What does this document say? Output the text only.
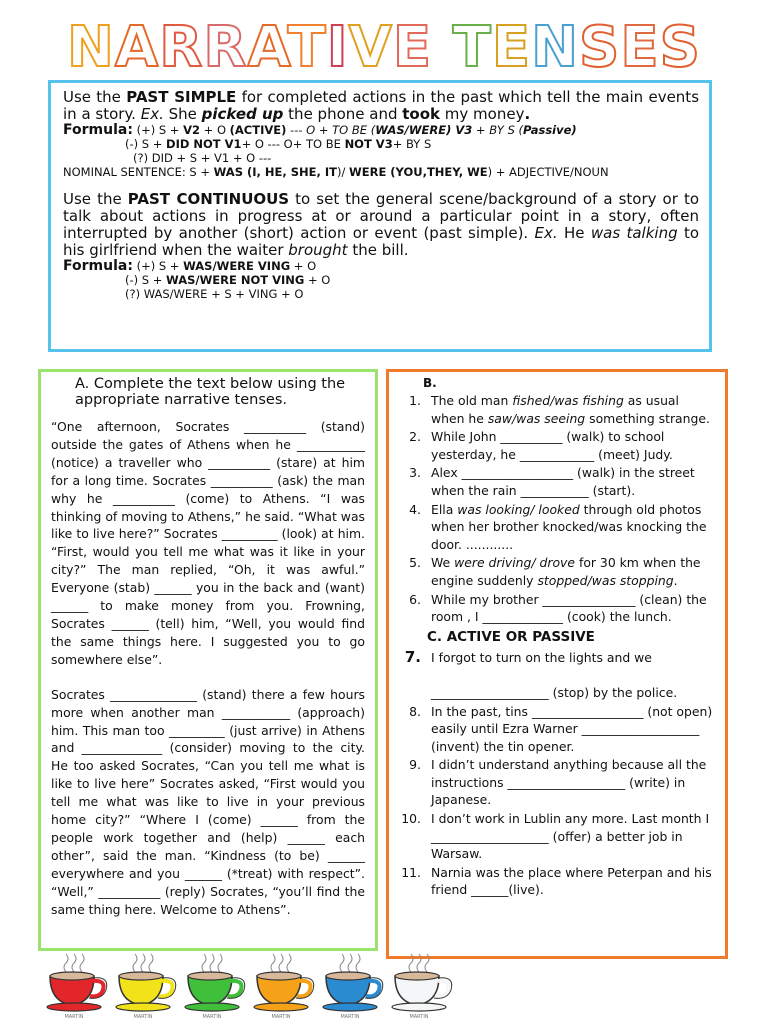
NARRATIVE TENSES

Use the PAST SIMPLE for completed actions in the past which tell the main events in a story. Ex. She picked up the phone and took my money.

Formula: (+) S + V2 + O (ACTIVE) --- O + TO BE (WAS/WERE) V3 + BY S (Passive)
(-) S + DID NOT V1+ O --- O+ TO BE NOT V3+ BY S
(?) DID + S + V1 + O ---
NOMINAL SENTENCE: S + WAS (I, HE, SHE, IT)/ WERE (YOU,THEY, WE) + ADJECTIVE/NOUN

Use the PAST CONTINUOUS to set the general scene/background of a story or to talk about actions in progress at or around a particular point in a story, often interrupted by another (short) action or event (past simple). Ex. He was talking to his girlfriend when the waiter brought the bill.

Formula: (+) S + WAS/WERE VING + O
(-) S + WAS/WERE NOT VING + O
(?) WAS/WERE + S + VING + O
A. Complete the text below using the appropriate narrative tenses.

“One afternoon, Socrates __________ (stand) outside the gates of Athens when he ___________ (notice) a traveller who __________ (stare) at him for a long time. Socrates __________ (ask) the man why he __________ (come) to Athens. “I was thinking of moving to Athens,” he said. “What was like to live here?” Socrates _________ (look) at him. “First, would you tell me what was it like in your city?” The man replied, “Oh, it was awful.” Everyone (stab) ______ you in the back and (want) ______ to make money from you. Frowning, Socrates ______ (tell) him, “Well, you would find the same things here. I suggested you to go somewhere else”.

Socrates ______________ (stand) there a few hours more when another man ___________ (approach) him. This man too _________ (just arrive) in Athens and _____________ (consider) moving to the city. He too asked Socrates, “Can you tell me what is like to live here” Socrates asked, “First would you tell me what was like to live in your previous home city?” “Where I (come) ______ from the people work together and (help) ______ each other”, said the man. “Kindness (to be) ______ everywhere and you ______ (*treat) with respect”. “Well,” __________ (reply) Socrates, “you’ll find the same thing here. Welcome to Athens”.

B.
1. The old man fished/was fishing as usual when he saw/was seeing something strange.
2. While John __________ (walk) to school yesterday, he ____________ (meet) Judy.
3. Alex __________________ (walk) in the street when the rain ___________ (start).
4. Ella was looking/ looked through old photos when her brother knocked/was knocking the door. ............
5. We were driving/ drove for 30 km when the engine suddenly stopped/was stopping.
6. While my brother _______________ (clean) the room , I _____________ (cook) the lunch.
C. ACTIVE OR PASSIVE
7. I forgot to turn on the lights and we

___________________ (stop) by the police.
8. In the past, tins __________________ (not open) easily until Ezra Warner ___________________ (invent) the tin opener.
9. I didn’t understand anything because all the instructions ___________________ (write) in Japanese.
10. I don’t work in Lublin any more. Last month I ___________________ (offer) a better job in Warsaw.
11. Narnia was the place where Peterpan and his friend ______(live).
MARTIN	MARTIN	MARTIN	MARTIN	MARTIN	MARTIN
